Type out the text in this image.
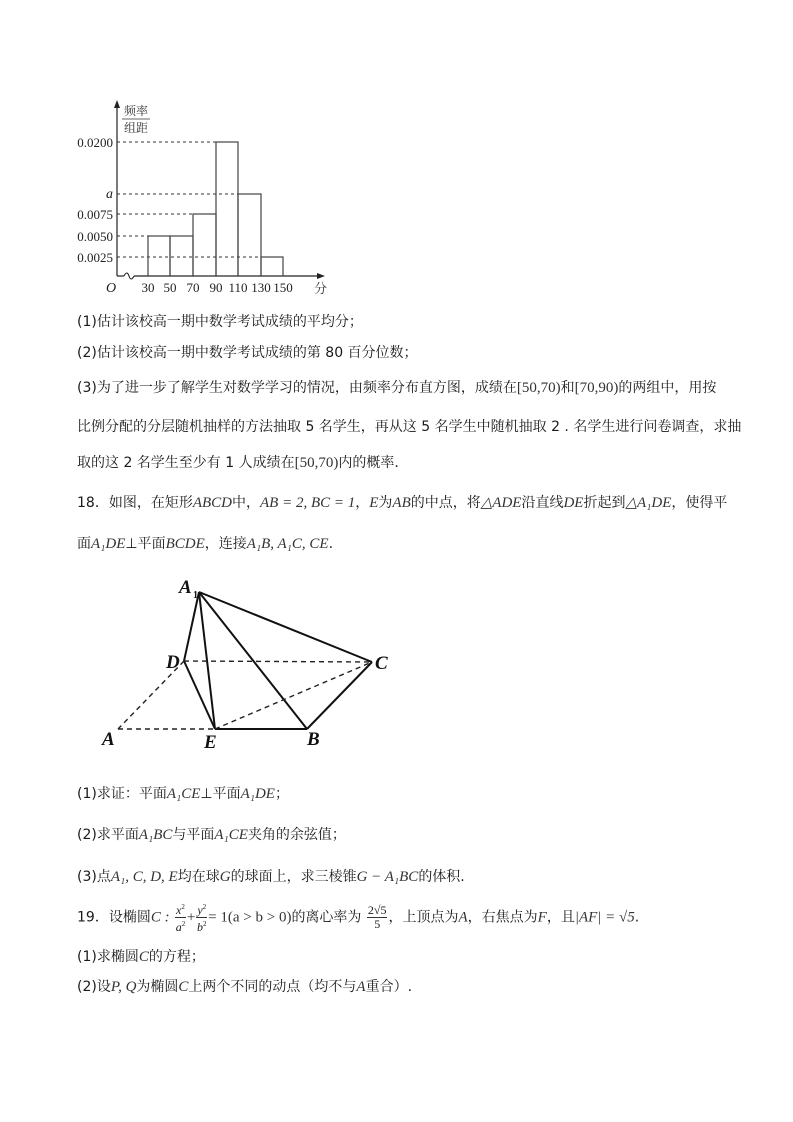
频率
组距
0.0200
a
0.0075
0.0050
0.0025
O 30 50 70 90 110 130 150 分
(1)估计该校高一期中数学考试成绩的平均分；
(2)估计该校高一期中数学考试成绩的第 80 百分位数；
(3)为了进一步了解学生对数学学习的情况，由频率分布直方图，成绩在[50,70)和[70,90)的两组中，用按
比例分配的分层随机抽样的方法抽取 5 名学生，再从这 5 名学生中随机抽取 2 . 名学生进行问卷调查，求抽
取的这 2 名学生至少有 1 人成绩在[50,70)内的概率.
18．如图，在矩形ABCD中，AB = 2, BC = 1，E为AB的中点，将△ADE沿直线DE折起到△A₁DE，使得平
面A₁DE⊥平面BCDE，连接A₁B, A₁C, CE.
A 1
D	C
A	E	B
(1)求证：平面A₁CE⊥平面A₁DE；
(2)求平面A₁BC与平面A₁CE夹角的余弦值；
(3)点A₁, C, D, E均在球G的球面上，求三棱锥G − A₁BC的体积.
19．设椭圆C : $\frac{x^2}{a^2} + \frac{y^2}{b^2} = 1(a > b > 0)$的离心率为 $\frac{2√5}{5}$ ，上顶点为A，右焦点为F，且|AF| = √5.
(1)求椭圆C的方程；
(2)设P, Q为椭圆C上两个不同的动点（均不与A重合）.
